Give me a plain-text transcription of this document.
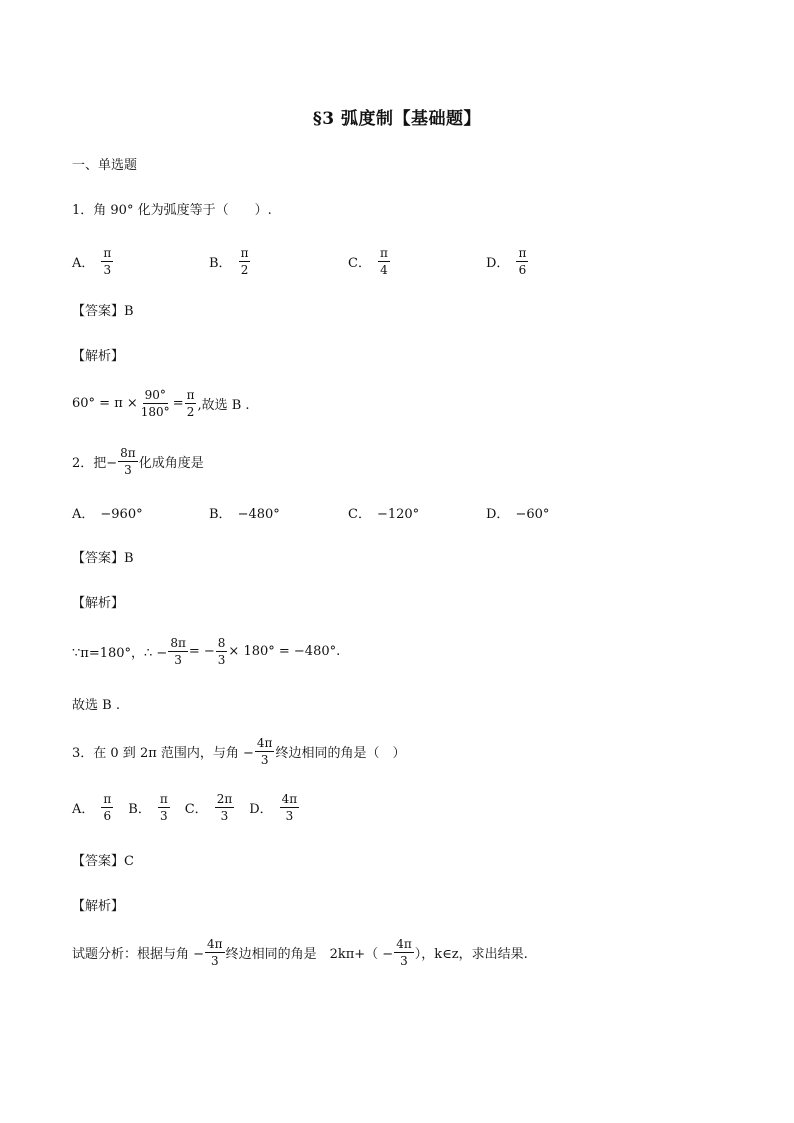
§3 弧度制【基础题】
一、单选题
1．角 90° 化为弧度等于（　　）.
A． $\frac{\pi}{3}$	B． $\frac{\pi}{2}$	C． $\frac{\pi}{4}$	D． $\frac{\pi}{6}$
【答案】B
【解析】
$60^\circ = \pi \times \frac{90^\circ}{180^\circ} = \frac{\pi}{2}$ ,故选 B .
2．把− $\frac{8\pi}{3}$ 化成角度是
A． −960°	B． −480°	C． −120°	D． −60°
【答案】B
【解析】
∵π=180°，∴ − $\frac{8\pi}{3}$ = − $\frac{8}{3} \times 180^\circ = -480^\circ$.
故选 B .
3．在 0 到 2π 范围内，与角 − $\frac{4\pi}{3}$ 终边相同的角是（　）
A． $\frac{\pi}{6}$ B． $\frac{\pi}{3}$ C． $\frac{2\pi}{3}$ D． $\frac{4\pi}{3}$
【答案】C
【解析】
试题分析：根据与角 − $\frac{4\pi}{3}$ 终边相同的角是　$2k\pi+( - \frac{4\pi}{3}$ ），k∈z，求出结果.
